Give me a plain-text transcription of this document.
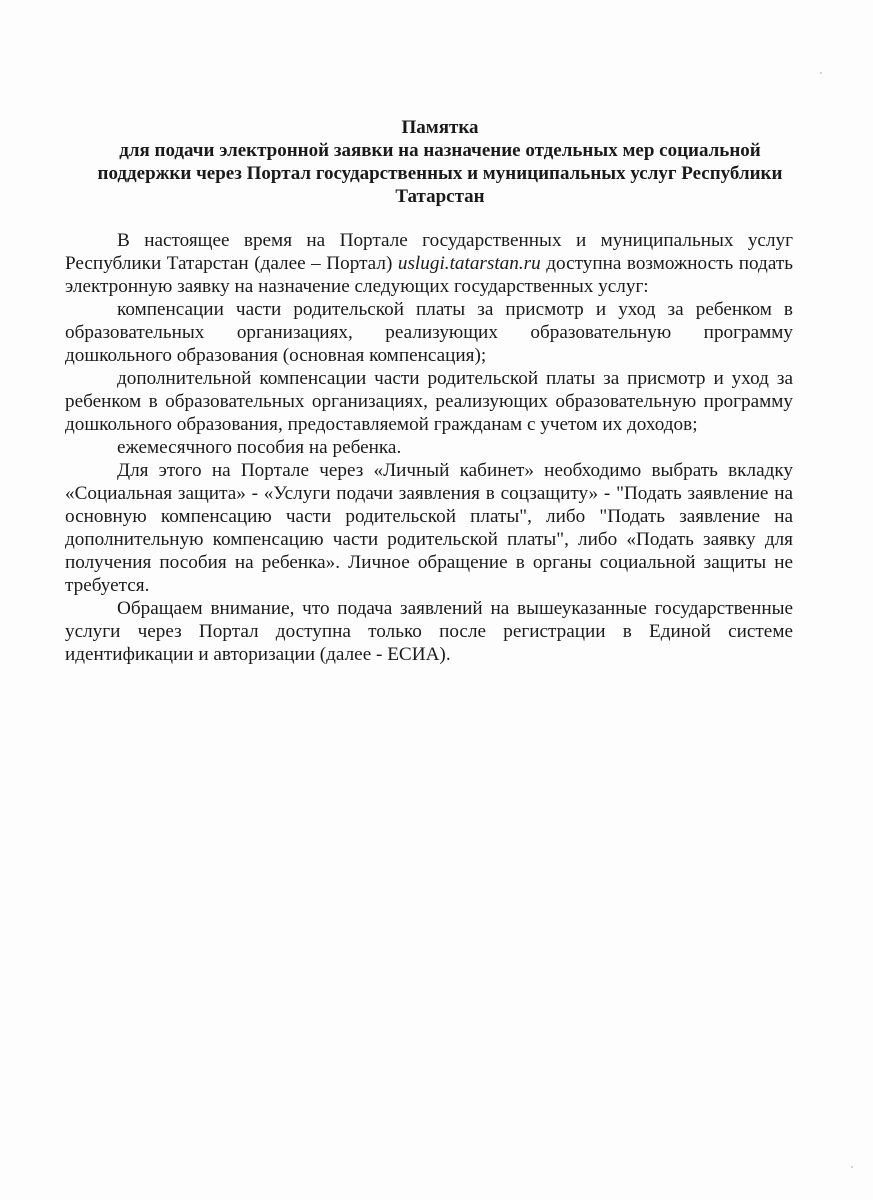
Памятка
для подачи электронной заявки на назначение отдельных мер социальной
поддержки через Портал государственных и муниципальных услуг Республики
Татарстан

В настоящее время на Портале государственных и муниципальных услуг Республики Татарстан (далее – Портал) uslugi.tatarstan.ru доступна возможность подать электронную заявку на назначение следующих государственных услуг:

компенсации части родительской платы за присмотр и уход за ребенком в образовательных организациях, реализующих образовательную программу дошкольного образования (основная компенсация);

дополнительной компенсации части родительской платы за присмотр и уход за ребенком в образовательных организациях, реализующих образовательную программу дошкольного образования, предоставляемой гражданам с учетом их доходов;

ежемесячного пособия на ребенка.

Для этого на Портале через «Личный кабинет» необходимо выбрать вкладку «Социальная защита» - «Услуги подачи заявления в соцзащиту» - "Подать заявление на основную компенсацию части родительской платы", либо "Подать заявление на дополнительную компенсацию части родительской платы", либо «Подать заявку для получения пособия на ребенка». Личное обращение в органы социальной защиты не требуется.

Обращаем внимание, что подача заявлений на вышеуказанные государственные услуги через Портал доступна только после регистрации в Единой системе идентификации и авторизации (далее - ЕСИА).
